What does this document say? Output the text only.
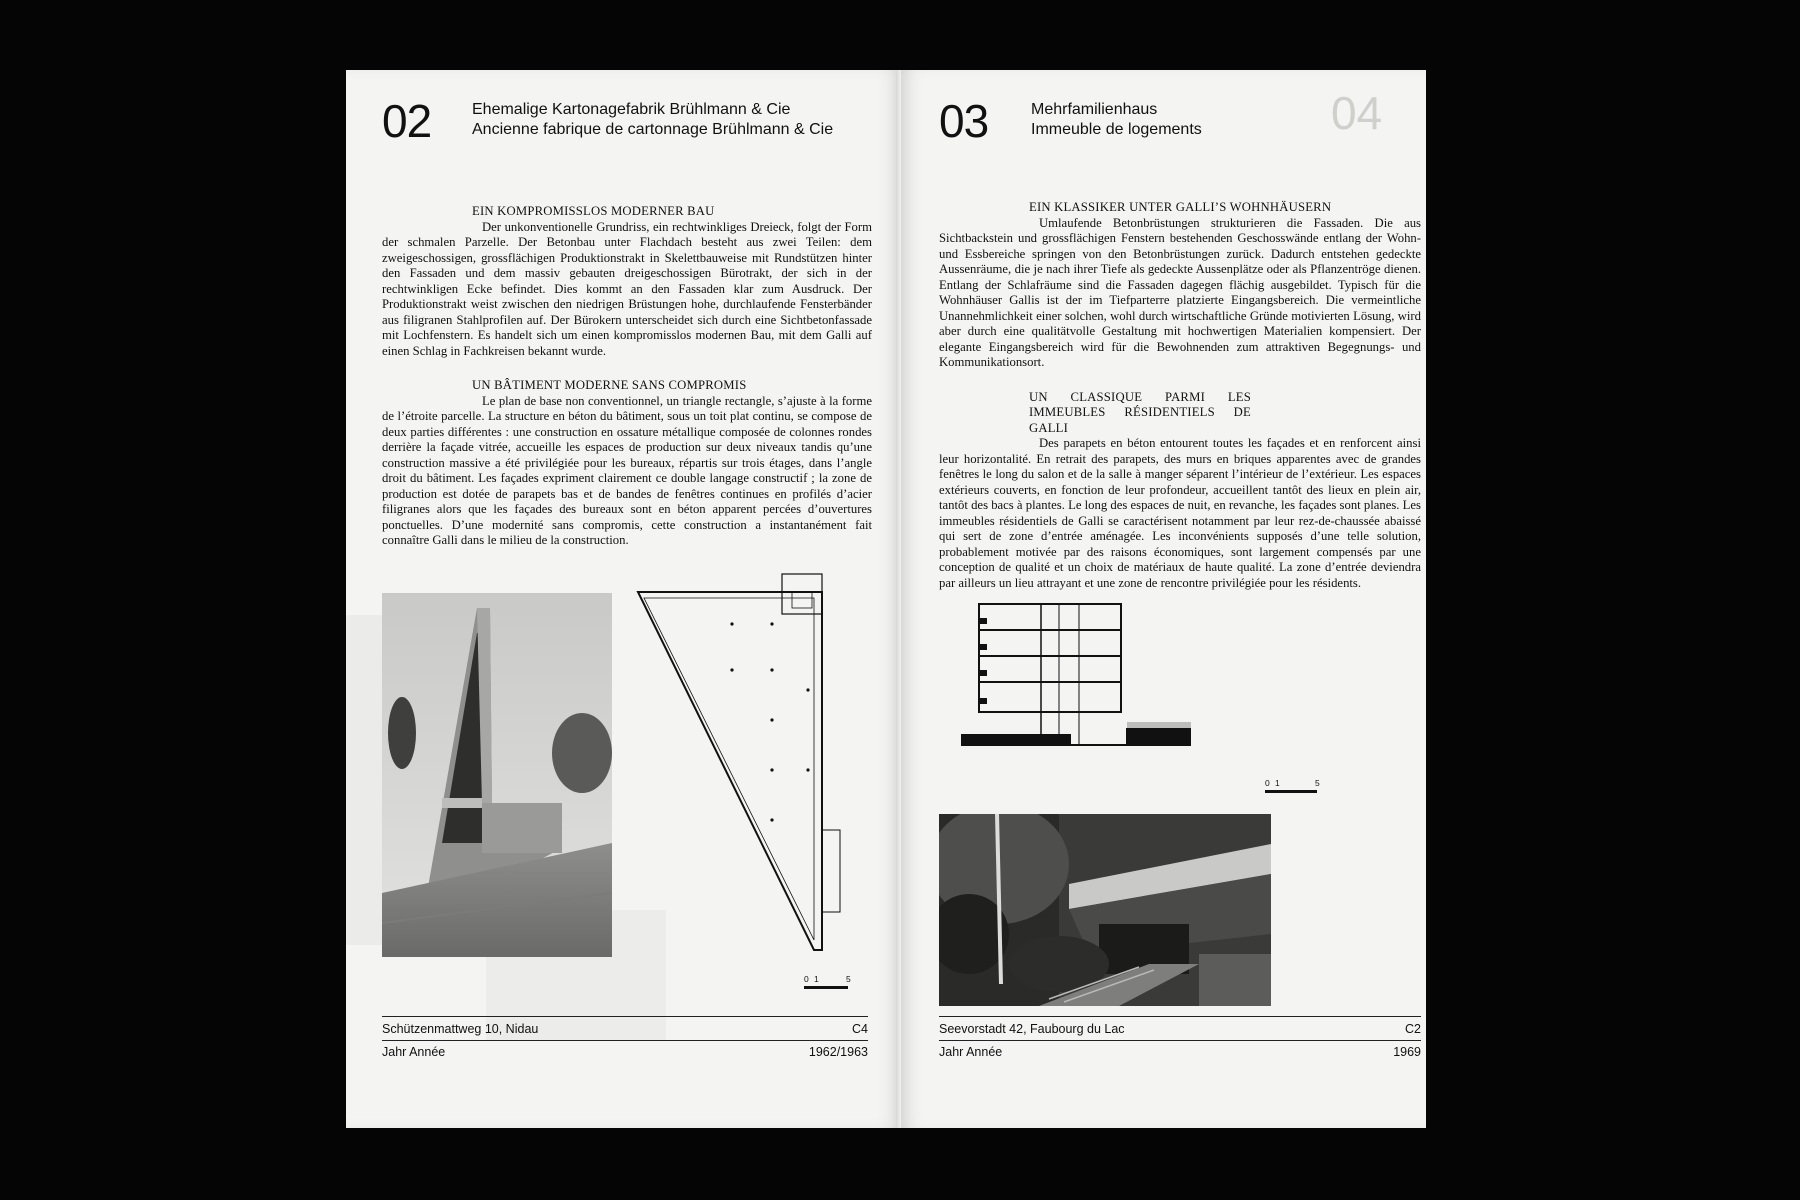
02	Ehemalige Kartonagefabrik Brühlmann & Cie
Ancienne fabrique de cartonnage Brühlmann & Cie
EIN KOMPROMISSLOS MODERNER BAU

Der unkonventionelle Grundriss, ein rechtwinkliges Dreieck, folgt der Form der schmalen Parzelle. Der Betonbau unter Flachdach besteht aus zwei Teilen: dem zweigeschossigen, grossflächigen Produktionstrakt in Skelettbauweise mit Rundstützen hinter den Fassaden und dem massiv gebauten dreigeschossigen Bürotrakt, der sich in der rechtwinkligen Ecke befindet. Dies kommt an den Fassaden klar zum Ausdruck. Der Produktionstrakt weist zwischen den niedrigen Brüstungen hohe, durchlaufende Fensterbänder aus filigranen Stahlprofilen auf. Der Bürokern unterscheidet sich durch eine Sichtbetonfassade mit Lochfenstern. Es handelt sich um einen kompromisslos modernen Bau, mit dem Galli auf einen Schlag in Fachkreisen bekannt wurde.

UN BÂTIMENT MODERNE SANS COMPROMIS

Le plan de base non conventionnel, un triangle rectangle, s’ajuste à la forme de l’étroite parcelle. La structure en béton du bâtiment, sous un toit plat continu, se compose de deux parties différentes : une construction en ossature métallique composée de colonnes rondes derrière la façade vitrée, accueille les espaces de production sur deux niveaux tandis qu’une construction massive a été privilégiée pour les bureaux, répartis sur trois étages, dans l’angle droit du bâtiment. Les façades expriment clairement ce double langage constructif ; la zone de production est dotée de parapets bas et de bandes de fenêtres continues en profilés d’acier filigranes alors que les façades des bureaux sont en béton apparent percées d’ouvertures ponctuelles. D’une modernité sans compromis, cette construction a instantanément fait connaître Galli dans le milieu de la construction.

0 1	5
Schützenmattweg 10, Nidau	C4
Jahr Année	1962/1963
04
03	Mehrfamilienhaus
Immeuble de logements
EIN KLASSIKER UNTER GALLI’S WOHNHÄUSERN

Umlaufende Betonbrüstungen strukturieren die Fassaden. Die aus Sichtbackstein und grossflächigen Fenstern bestehenden Geschosswände entlang der Wohn- und Essbereiche springen von den Betonbrüstungen zurück. Dadurch entstehen gedeckte Aussenräume, die je nach ihrer Tiefe als gedeckte Aussenplätze oder als Pflanzentröge dienen. Entlang der Schlafräume sind die Fassaden dagegen flächig ausgebildet. Typisch für die Wohnhäuser Gallis ist der im Tiefparterre platzierte Eingangsbereich. Die vermeintliche Unannehmlichkeit einer solchen, wohl durch wirtschaftliche Gründe motivierten Lösung, wird aber durch eine qualitätvolle Gestaltung mit hochwertigen Materialien kompensiert. Der elegante Eingangsbereich wird für die Bewohnenden zum attraktiven Begegnungs- und Kommunikationsort.

UN CLASSIQUE PARMI LES IMMEUBLES RÉSIDENTIELS DE GALLI

Des parapets en béton entourent toutes les façades et en renforcent ainsi leur horizontalité. En retrait des parapets, des murs en briques apparentes avec de grandes fenêtres le long du salon et de la salle à manger séparent l’intérieur de l’extérieur. Les espaces extérieurs couverts, en fonction de leur profondeur, accueillent tantôt des lieux en plein air, tantôt des bacs à plantes. Le long des espaces de nuit, en revanche, les façades sont planes. Les immeubles résidentiels de Galli se caractérisent notamment par leur rez-de-chaussée abaissé qui sert de zone d’entrée aménagée. Les inconvénients supposés d’une telle solution, probablement motivée par des raisons économiques, sont largement compensés par une conception de qualité et un choix de matériaux de haute qualité. La zone d’entrée deviendra par ailleurs un lieu attrayant et une zone de rencontre privilégiée pour les résidents.

0 1	5
Seevorstadt 42, Faubourg du Lac	C2
Jahr Année	1969
